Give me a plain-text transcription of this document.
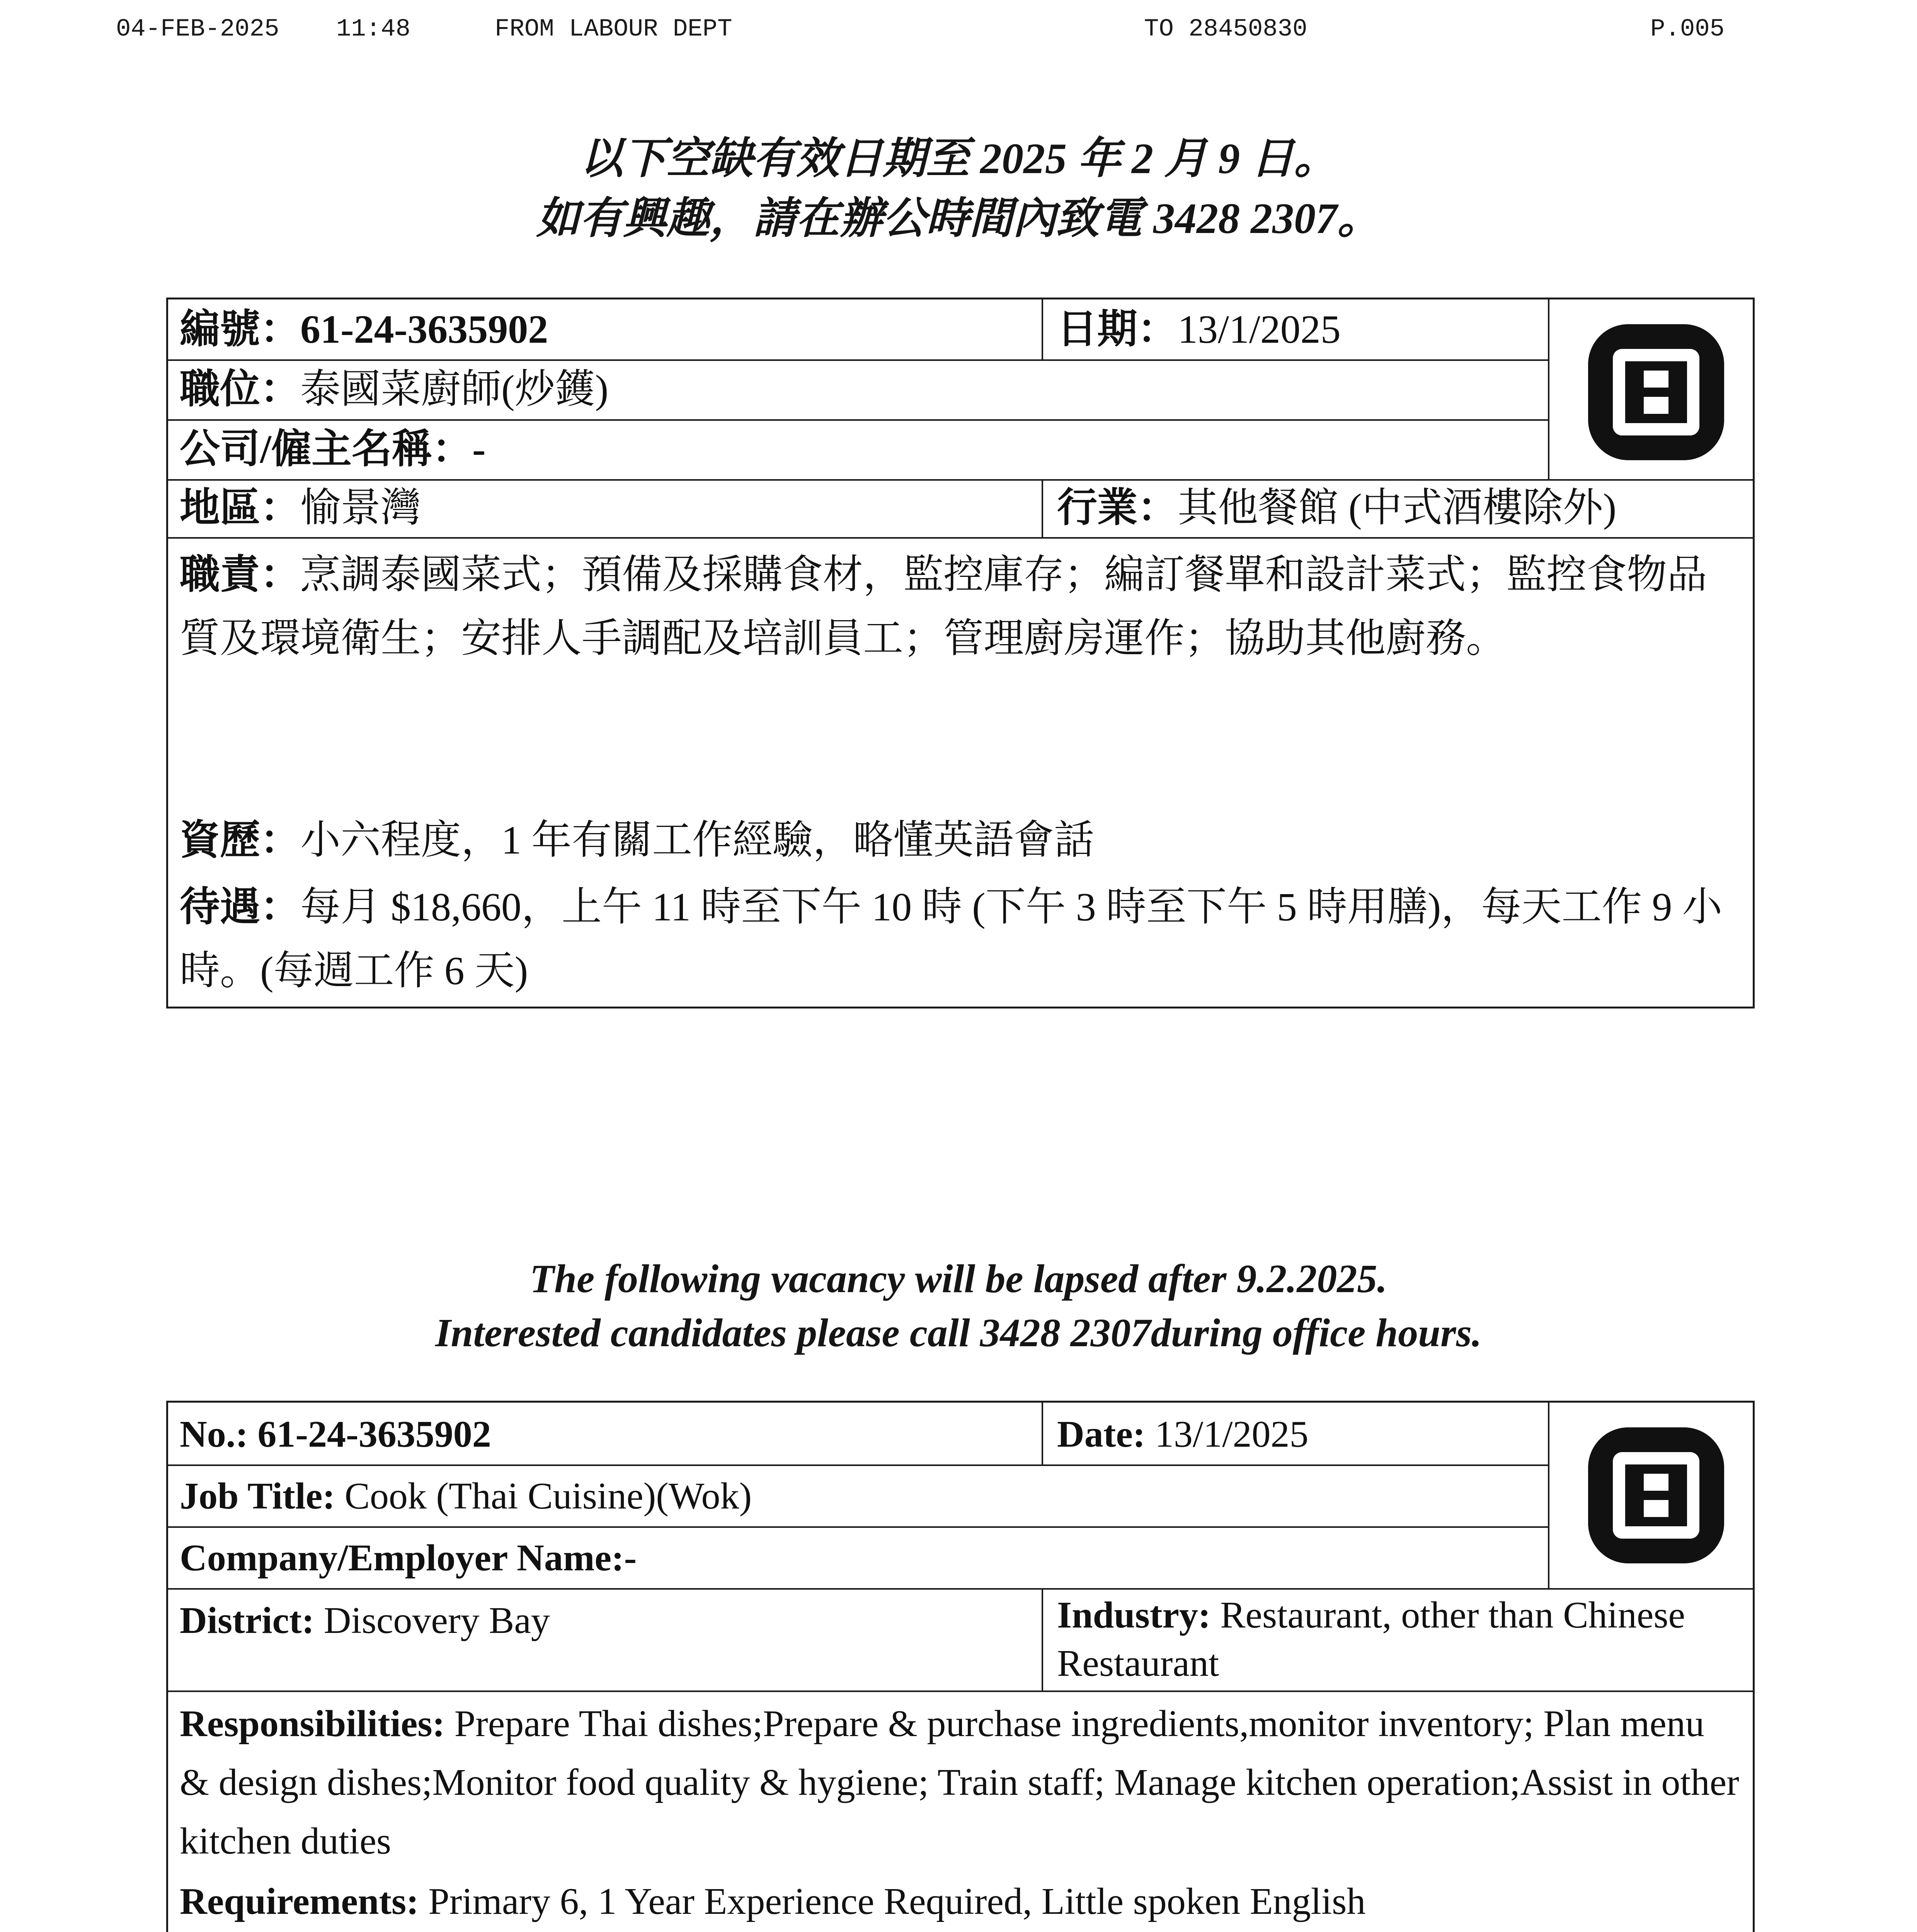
04-FEB-2025 11:48	FROM LABOUR DEPT	TO 28450830	P.005
以下空缺有效日期至 2025 年 2 月 9 日。
如有興趣，請在辦公時間內致電 3428 2307。
編號：61-24-3635902	日期：13/1/2025
職位：泰國菜廚師(炒鑊)
公司/僱主名稱：-
地區：愉景灣	行業：其他餐館 (中式酒樓除外)
職責：烹調泰國菜式；預備及採購食材，監控庫存；編訂餐單和設計菜式；監控食物品質及環境衛生；安排人手調配及培訓員工；管理廚房運作；協助其他廚務。
資歷：小六程度，1 年有關工作經驗，略懂英語會話
待遇：每月 $18,660，上午 11 時至下午 10 時 (下午 3 時至下午 5 時用膳)，每天工作 9 小時。(每週工作 6 天)
The following vacancy will be lapsed after 9.2.2025.
Interested candidates please call 3428 2307during office hours.
No.: 61-24-3635902	Date: 13/1/2025
Job Title: Cook (Thai Cuisine)(Wok)
Company/Employer Name:-
District: Discovery Bay	Industry: Restaurant, other than Chinese Restaurant
Responsibilities: Prepare Thai dishes;Prepare & purchase ingredients,monitor inventory; Plan menu & design dishes;Monitor food quality & hygiene; Train staff; Manage kitchen operation;Assist in other kitchen duties
Requirements: Primary 6, 1 Year Experience Required, Little spoken English
